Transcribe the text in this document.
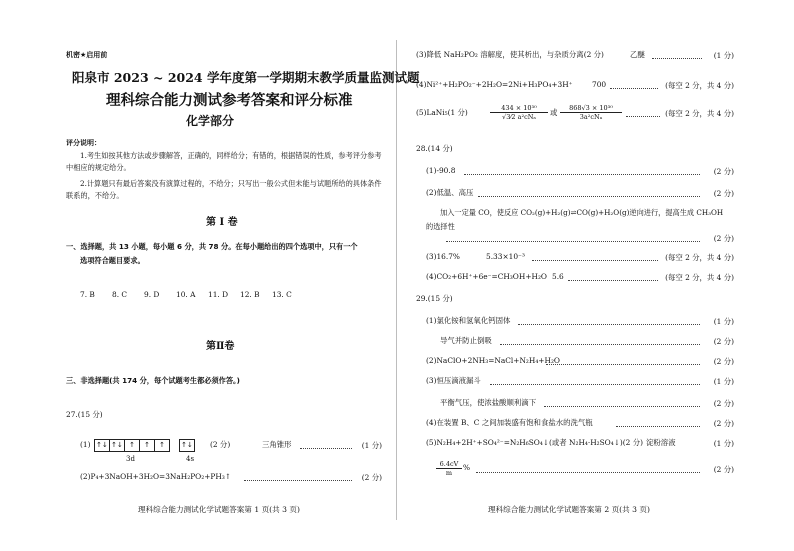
机密★启用前
阳泉市 2023 ~ 2024 学年度第一学期期末教学质量监测试题
理科综合能力测试参考答案和评分标准
化学部分
评分说明：
1.考生如按其他方法或步骤解答，正确的，同样给分；有错的，根据错误的性质，参考评分参考中相应的规定给分。
2.计算题只有最后答案没有演算过程的，不给分；只写出一般公式但未能与试题所给的具体条件联系的，不给分。
第 Ⅰ 卷
一、选择题，共 13 小题，每小题 6 分，共 78 分。在每小题给出的四个选项中，只有一个
选项符合题目要求。
7. B 8. C 9. D 10. A 11. D 12. B 13. C
第Ⅱ卷
三、非选择题(共 174 分，每个试题考生都必须作答。)
27.(15 分)
(1) ↑↓ ↑↓ ↑	↑	↑	↑↓
3d	4s
(2 分)	三角锥形	(1 分)
(2)P₄+3NaOH+3H₂O=3NaH₂PO₂+PH₃↑	(2 分)
理科综合能力测试化学试题答案第 1 页(共 3 页)
(3)降低 NaH₂PO₂ 溶解度，使其析出，与杂质分离(2 分)	乙醚	(1 分)
(4)Ni²⁺+H₂PO₂⁻+2H₂O=2Ni+H₃PO₄+3H⁺	700	(每空 2 分，共 4 分)
(5)LaNi₅(1 分)	434 × 10³⁰
√3⁄2 a²cNₐ	或	868√3 × 10³⁰
3a²cNₐ	(每空 2 分，共 4 分)
28.(14 分)
(1)-90.8	(2 分)
(2)低温、高压	(2 分)
加入一定量 CO，使反应 CO₂(g)+H₂(g)⇌CO(g)+H₂O(g)逆向进行，提高生成 CH₃OH 的选择性
(2 分)
(3)16.7%	5.33×10⁻³	(每空 2 分，共 4 分)
(4)CO₂+6H⁺+6e⁻=CH₃OH+H₂O 5.6	(每空 2 分，共 4 分)
29.(15 分)
(1)氯化铵和氢氧化钙固体	(1 分)
导气并防止倒吸	(2 分)
(2)NaClO+2NH₃=NaCl+N₂H₄+H₂O	(2 分)
(3)恒压滴液漏斗	(1 分)
平衡气压，使浓盐酸顺利滴下	(2 分)
(4)在装置 B、C 之间加装盛有饱和食盐水的洗气瓶	(2 分)
(5)N₂H₄+2H⁺+SO₄²⁻=N₂H₆SO₄↓(或者 N₂H₄·H₂SO₄↓)(2 分) 淀粉溶液	(1 分)
$\frac{6.4cV}{m}$ %	(2 分)
理科综合能力测试化学试题答案第 2 页(共 3 页)
